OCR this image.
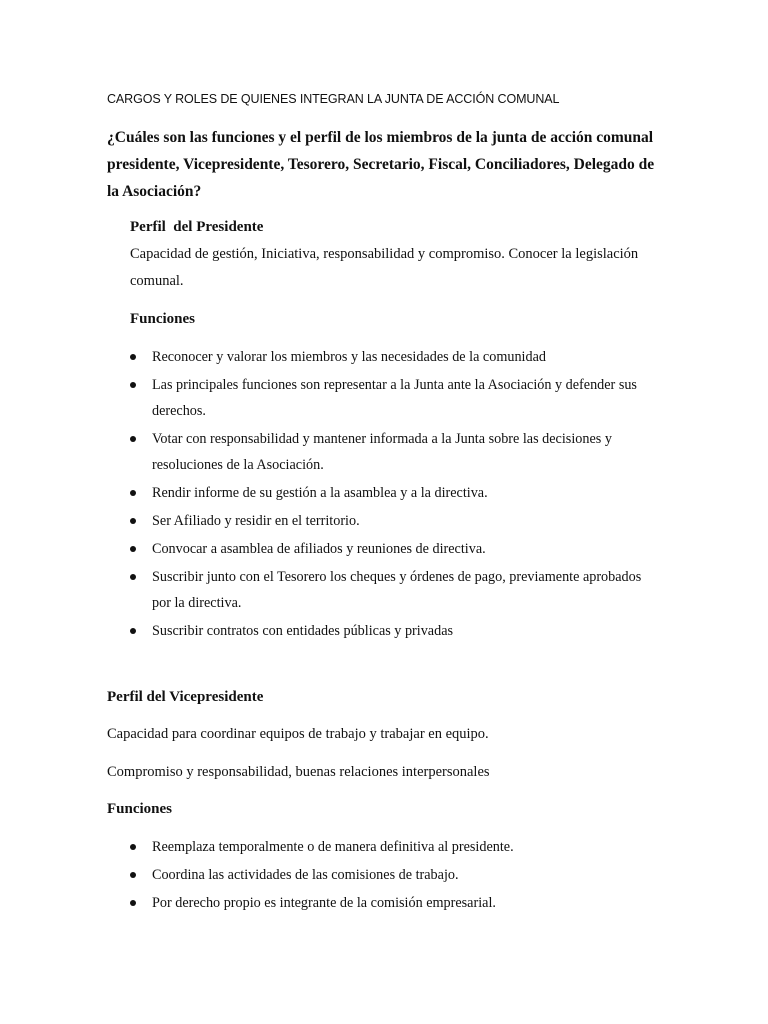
CARGOS Y ROLES DE QUIENES INTEGRAN LA JUNTA DE ACCIÓN COMUNAL
¿Cuáles son las funciones y el perfil de los miembros de la junta de acción comunal presidente, Vicepresidente, Tesorero, Secretario, Fiscal, Conciliadores, Delegado de la Asociación?
Perfil  del Presidente
Capacidad de gestión, Iniciativa, responsabilidad y compromiso. Conocer la legislación comunal.
Funciones
Reconocer y valorar los miembros y las necesidades de la comunidad
Las principales funciones son representar a la Junta ante la Asociación y defender sus derechos.
Votar con responsabilidad y mantener informada a la Junta sobre las decisiones y resoluciones de la Asociación.
Rendir informe de su gestión a la asamblea y a la directiva.
Ser Afiliado y residir en el territorio.
Convocar a asamblea de afiliados y reuniones de directiva.
Suscribir junto con el Tesorero los cheques y órdenes de pago, previamente aprobados por la directiva.
Suscribir contratos con entidades públicas y privadas
Perfil del Vicepresidente
Capacidad para coordinar equipos de trabajo y trabajar en equipo.
Compromiso y responsabilidad, buenas relaciones interpersonales
Funciones
Reemplaza temporalmente o de manera definitiva al presidente.
Coordina las actividades de las comisiones de trabajo.
Por derecho propio es integrante de la comisión empresarial.
